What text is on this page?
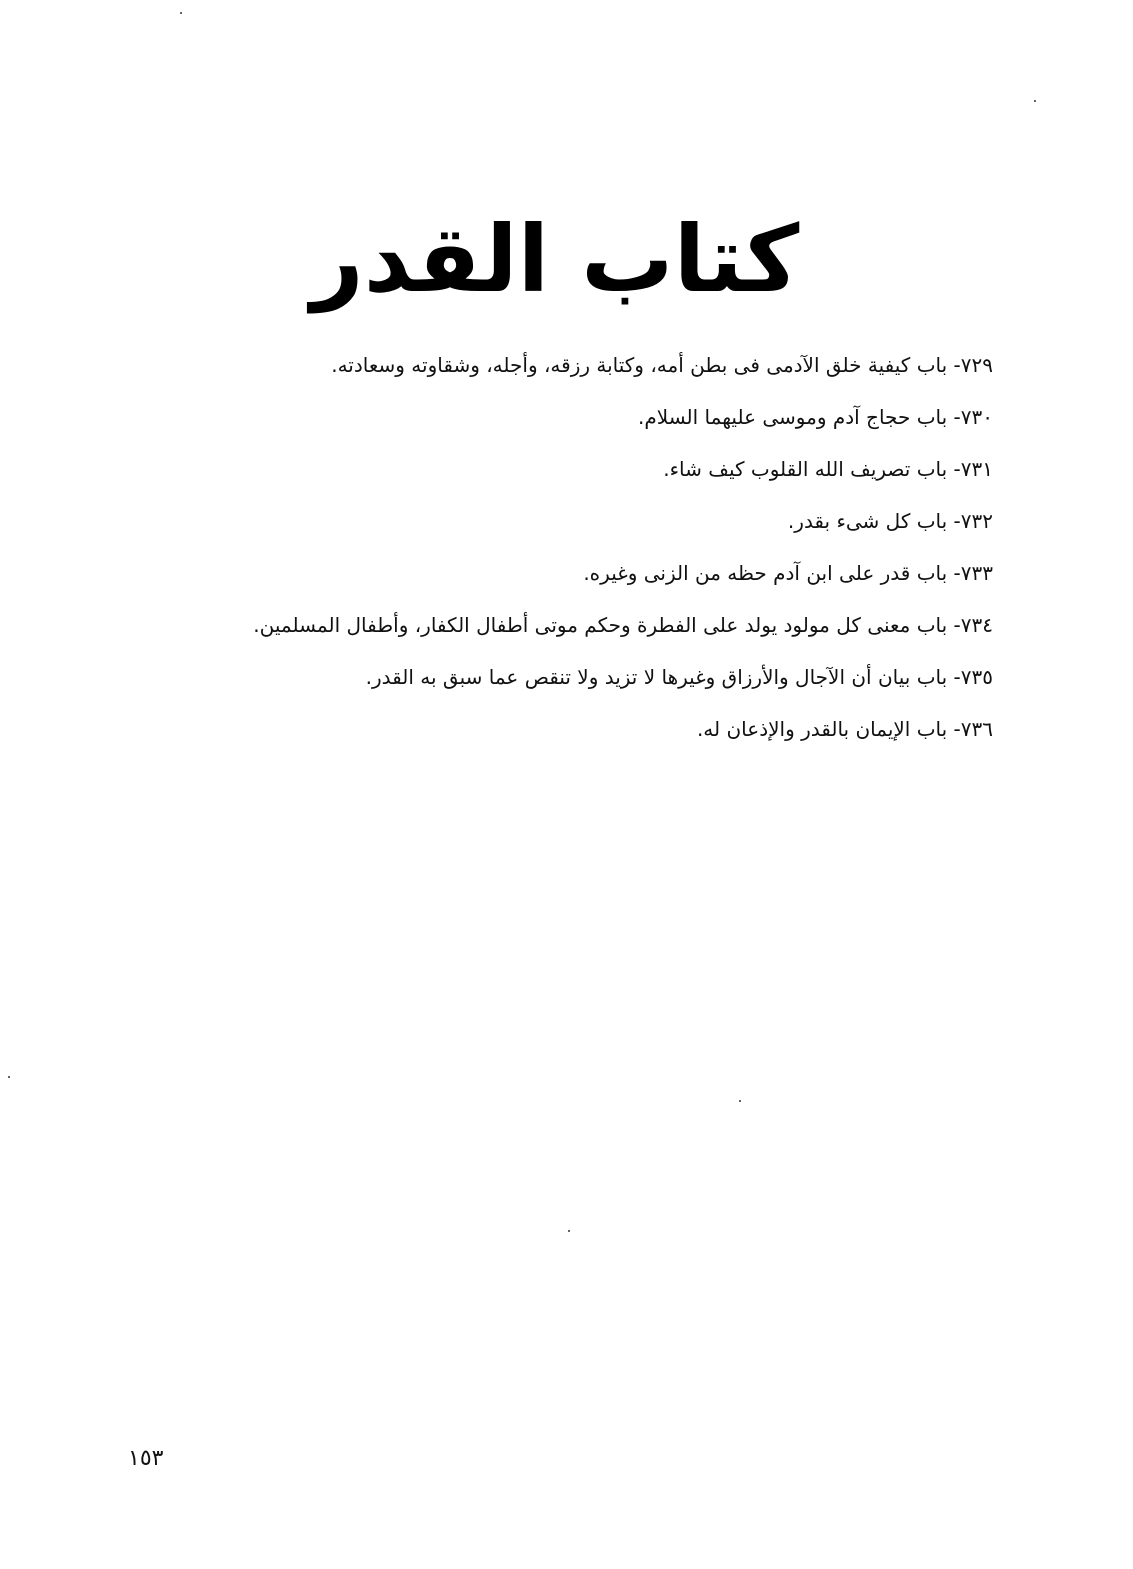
كتاب القدر
٧٢٩- باب كيفية خلق الآدمى فى بطن أمه، وكتابة رزقه، وأجله، وشقاوته وسعادته.
٧٣٠- باب حجاج آدم وموسى عليهما السلام.
٧٣١- باب تصريف الله القلوب كيف شاء.
٧٣٢- باب كل شىء بقدر.
٧٣٣- باب قدر على ابن آدم حظه من الزنى وغيره.
٧٣٤- باب معنى كل مولود يولد على الفطرة وحكم موتى أطفال الكفار، وأطفال المسلمين.
٧٣٥- باب بيان أن الآجال والأرزاق وغيرها لا تزيد ولا تنقص عما سبق به القدر.
٧٣٦- باب الإيمان بالقدر والإذعان له.
١٥٣
